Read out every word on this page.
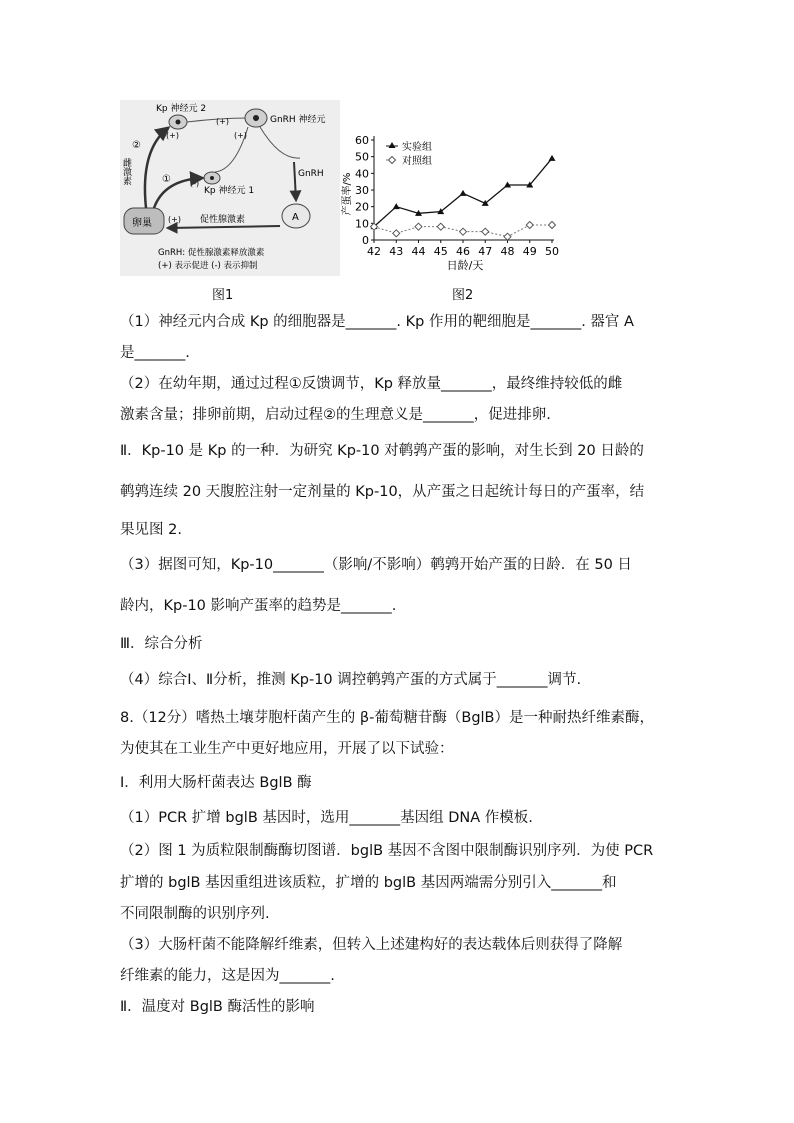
Kp 神经元 2
(+)
(+)	GnRH 神经元
(+)
Kp 神经元 1
(-)
GnRH
A
卵巢 (+) 促性腺激素
雌激素
②
①
GnRH: 促性腺激素释放激素
(+) 表示促进 (-) 表示抑制
0
10
20
30
40
50
60
42 43 44 45 46 47 48 49 50
产蛋率/%
日龄/天
实验组
对照组
图1	图2
（1）神经元内合成 Kp 的细胞器是_______. Kp 作用的靶细胞是_______. 器官 A
是_______.
（2）在幼年期，通过过程①反馈调节，Kp 释放量_______，最终维持较低的雌
激素含量；排卵前期，启动过程②的生理意义是_______，促进排卵.
Ⅱ．Kp-10 是 Kp 的一种．为研究 Kp-10 对鹌鹑产蛋的影响，对生长到 20 日龄的
鹌鹑连续 20 天腹腔注射一定剂量的 Kp-10，从产蛋之日起统计每日的产蛋率，结
果见图 2.
（3）据图可知，Kp-10_______（影响/不影响）鹌鹑开始产蛋的日龄．在 50 日
龄内，Kp-10 影响产蛋率的趋势是_______.
Ⅲ．综合分析
（4）综合Ⅰ、Ⅱ分析，推测 Kp-10 调控鹌鹑产蛋的方式属于_______调节.
8.（12分）嗜热土壤芽胞杆菌产生的 β-葡萄糖苷酶（BglB）是一种耐热纤维素酶，
为使其在工业生产中更好地应用，开展了以下试验：
Ⅰ．利用大肠杆菌表达 BglB 酶
（1）PCR 扩增 bglB 基因时，选用_______基因组 DNA 作模板.
（2）图 1 为质粒限制酶酶切图谱．bglB 基因不含图中限制酶识别序列．为使 PCR
扩增的 bglB 基因重组进该质粒，扩增的 bglB 基因两端需分别引入_______和
不同限制酶的识别序列.
（3）大肠杆菌不能降解纤维素，但转入上述建构好的表达载体后则获得了降解
纤维素的能力，这是因为_______.
Ⅱ．温度对 BglB 酶活性的影响
